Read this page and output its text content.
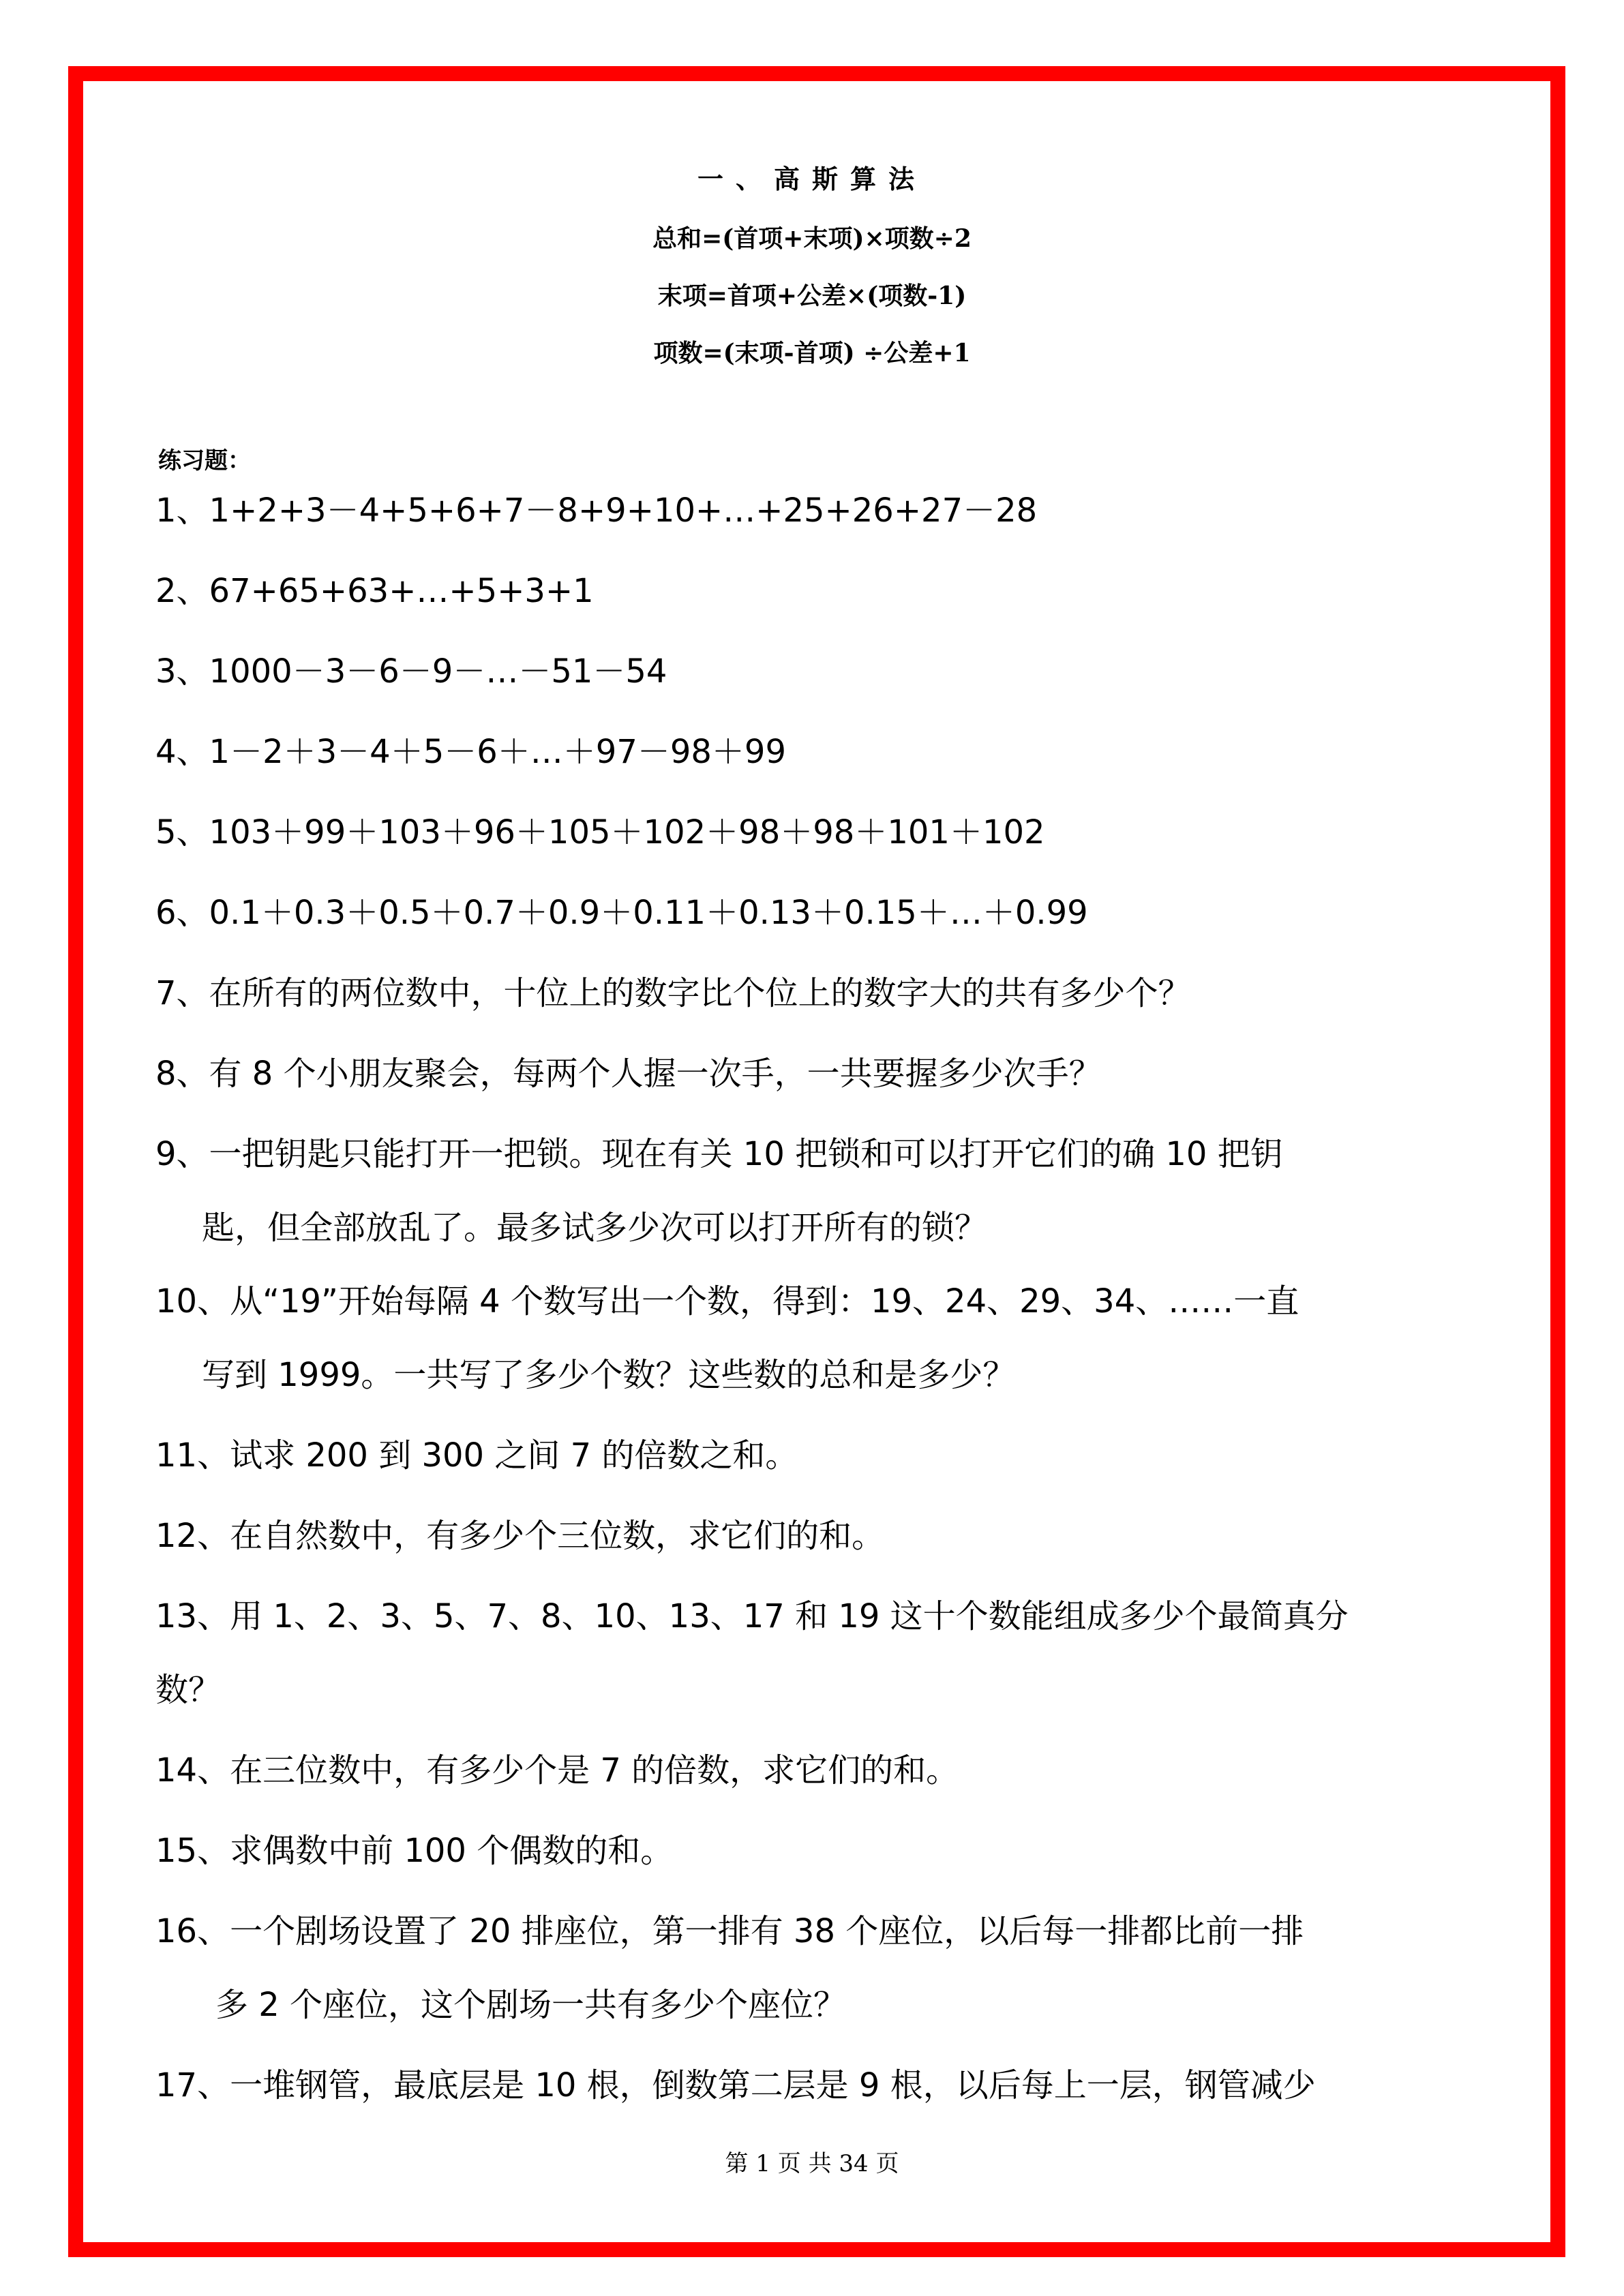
一、高斯算法
总和=(首项+末项)×项数÷2
末项=首项+公差×(项数-1)
项数=(末项-首项) ÷公差+1
练习题：
1、1+2+3－4+5+6+7－8+9+10+…+25+26+27－28
2、67+65+63+…+5+3+1
3、1000－3－6－9－…－51－54
4、1－2＋3－4＋5－6＋…＋97－98＋99
5、103＋99＋103＋96＋105＋102＋98＋98＋101＋102
6、0.1＋0.3＋0.5＋0.7＋0.9＋0.11＋0.13＋0.15＋…＋0.99
7、在所有的两位数中，十位上的数字比个位上的数字大的共有多少个？
8、有 8 个小朋友聚会，每两个人握一次手，一共要握多少次手？
9、一把钥匙只能打开一把锁。现在有关 10 把锁和可以打开它们的确 10 把钥
匙，但全部放乱了。最多试多少次可以打开所有的锁？
10、从“19”开始每隔 4 个数写出一个数，得到：19、24、29、34、……一直
写到 1999。一共写了多少个数？这些数的总和是多少？
11、试求 200 到 300 之间 7 的倍数之和。
12、在自然数中，有多少个三位数，求它们的和。
13、用 1、2、3、5、7、8、10、13、17 和 19 这十个数能组成多少个最简真分
数？
14、在三位数中，有多少个是 7 的倍数，求它们的和。
15、求偶数中前 100 个偶数的和。
16、一个剧场设置了 20 排座位，第一排有 38 个座位，以后每一排都比前一排
多 2 个座位，这个剧场一共有多少个座位？
17、一堆钢管，最底层是 10 根，倒数第二层是 9 根，以后每上一层，钢管减少
第 1 页 共 34 页
